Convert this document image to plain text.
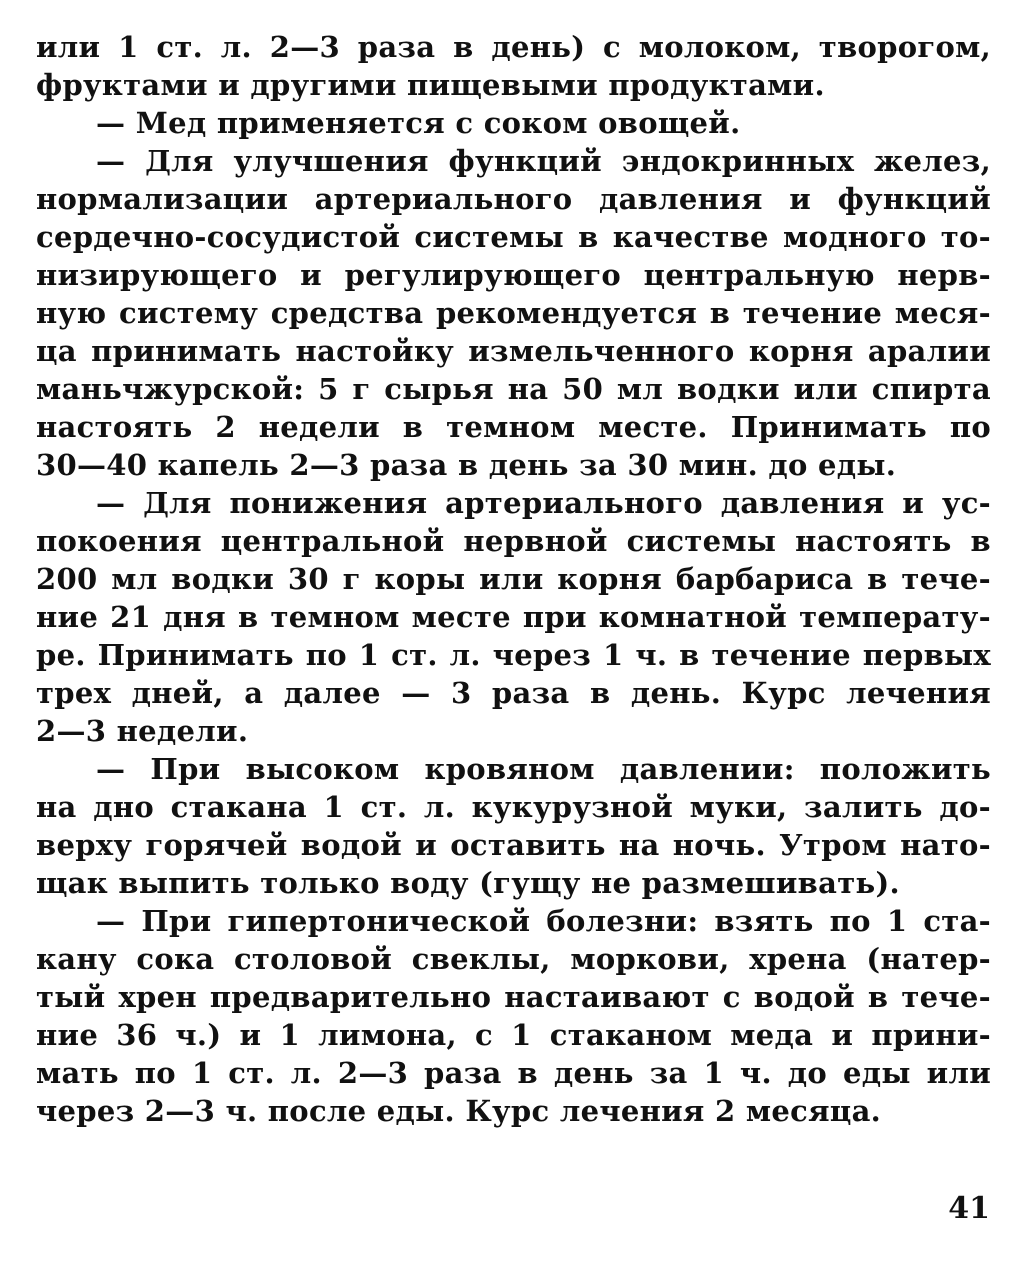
или 1 ст. л. 2—3 раза в день) с молоком, творогом,
фруктами и другими пищевыми продуктами.
— Мед применяется с соком овощей.
— Для улучшения функций эндокринных желез,
нормализации артериального давления и функций
сердечно-сосудистой системы в качестве модного то-
низирующего и регулирующего центральную нерв-
ную систему средства рекомендуется в течение меся-
ца принимать настойку измельченного корня аралии
маньчжурской: 5 г сырья на 50 мл водки или спирта
настоять 2 недели в темном месте. Принимать по
30—40 капель 2—3 раза в день за 30 мин. до еды.
— Для понижения артериального давления и ус-
покоения центральной нервной системы настоять в
200 мл водки 30 г коры или корня барбариса в тече-
ние 21 дня в темном месте при комнатной температу-
ре. Принимать по 1 ст. л. через 1 ч. в течение первых
трех дней, а далее — 3 раза в день. Курс лечения
2—3 недели.
— При высоком кровяном давлении: положить
на дно стакана 1 ст. л. кукурузной муки, залить до-
верху горячей водой и оставить на ночь. Утром нато-
щак выпить только воду (гущу не размешивать).
— При гипертонической болезни: взять по 1 ста-
кану сока столовой свеклы, моркови, хрена (натер-
тый хрен предварительно настаивают с водой в тече-
ние 36 ч.) и 1 лимона, с 1 стаканом меда и прини-
мать по 1 ст. л. 2—3 раза в день за 1 ч. до еды или
через 2—3 ч. после еды. Курс лечения 2 месяца.
41
